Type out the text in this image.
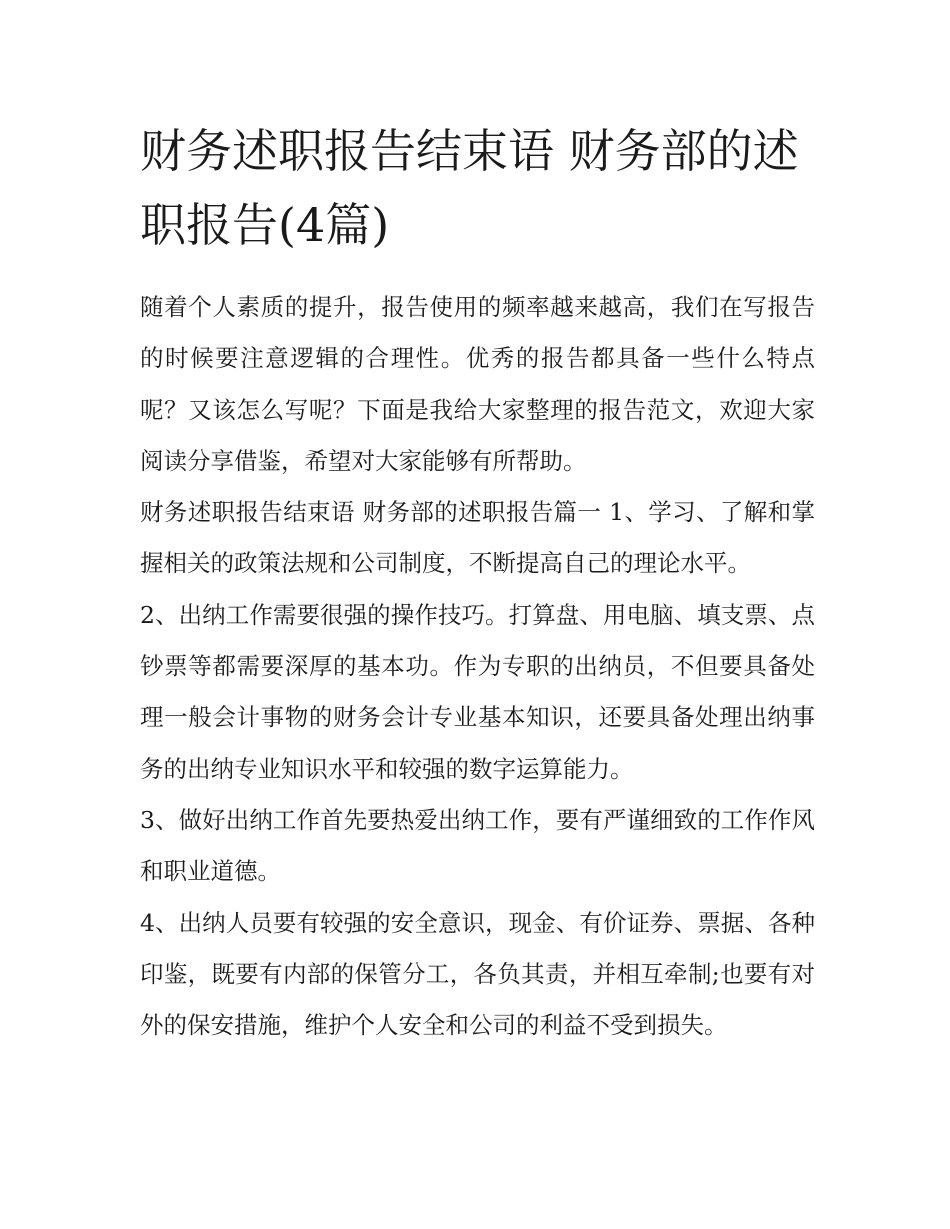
财务述职报告结束语 财务部的述职报告(4篇)

随着个人素质的提升，报告使用的频率越来越高，我们在写报告的时候要注意逻辑的合理性。优秀的报告都具备一些什么特点呢？又该怎么写呢？下面是我给大家整理的报告范文，欢迎大家阅读分享借鉴，希望对大家能够有所帮助。

财务述职报告结束语 财务部的述职报告篇一 1、学习、了解和掌握相关的政策法规和公司制度，不断提高自己的理论水平。

2、出纳工作需要很强的操作技巧。打算盘、用电脑、填支票、点钞票等都需要深厚的基本功。作为专职的出纳员，不但要具备处理一般会计事物的财务会计专业基本知识，还要具备处理出纳事务的出纳专业知识水平和较强的数字运算能力。

3、做好出纳工作首先要热爱出纳工作，要有严谨细致的工作作风和职业道德。

4、出纳人员要有较强的安全意识，现金、有价证券、票据、各种印鉴，既要有内部的保管分工，各负其责，并相互牵制;也要有对外的保安措施，维护个人安全和公司的利益不受到损失。
